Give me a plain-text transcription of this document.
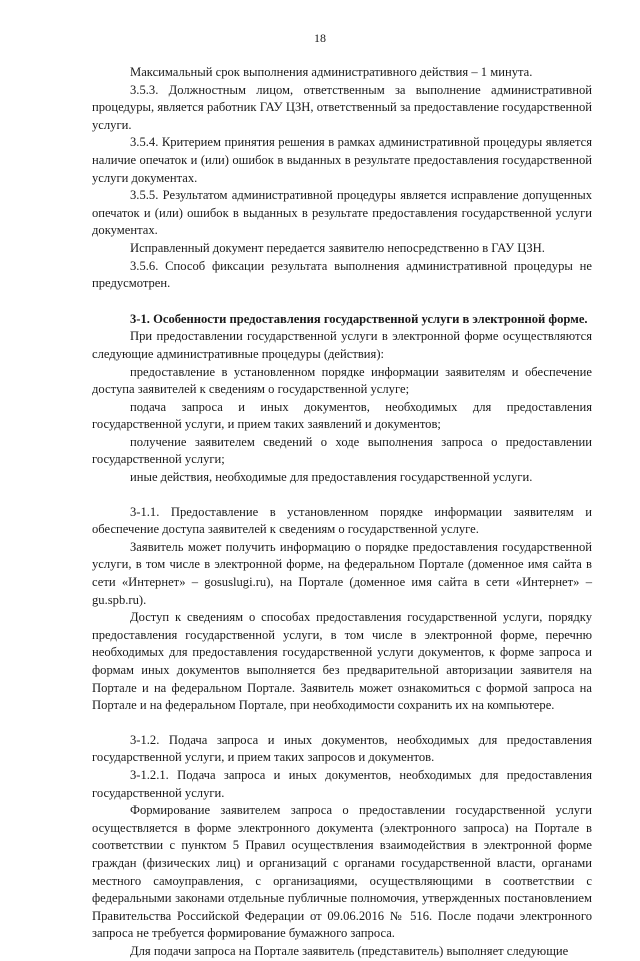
18

Максимальный срок выполнения административного действия – 1 минута.

3.5.3. Должностным лицом, ответственным за выполнение административной процедуры, является работник ГАУ ЦЗН, ответственный за предоставление государственной услуги.

3.5.4. Критерием принятия решения в рамках административной процедуры является наличие опечаток и (или) ошибок в выданных в результате предоставления государственной услуги документах.

3.5.5. Результатом административной процедуры является исправление допущенных опечаток и (или) ошибок в выданных в результате предоставления государственной услуги документах.

Исправленный документ передается заявителю непосредственно в ГАУ ЦЗН.

3.5.6. Способ фиксации результата выполнения административной процедуры не предусмотрен.

3-1. Особенности предоставления государственной услуги в электронной форме.

При предоставлении государственной услуги в электронной форме осуществляются следующие административные процедуры (действия):

предоставление в установленном порядке информации заявителям и обеспечение доступа заявителей к сведениям о государственной услуге;

подача запроса и иных документов, необходимых для предоставления государственной услуги, и прием таких заявлений и документов;

получение заявителем сведений о ходе выполнения запроса о предоставлении государственной услуги;

иные действия, необходимые для предоставления государственной услуги.

3-1.1. Предоставление в установленном порядке информации заявителям и обеспечение доступа заявителей к сведениям о государственной услуге.

Заявитель может получить информацию о порядке предоставления государственной услуги, в том числе в электронной форме, на федеральном Портале (доменное имя сайта в сети «Интернет» – gosuslugi.ru), на Портале (доменное имя сайта в сети «Интернет» – gu.spb.ru).

Доступ к сведениям о способах предоставления государственной услуги, порядку предоставления государственной услуги, в том числе в электронной форме, перечню необходимых для предоставления государственной услуги документов, к форме запроса и формам иных документов выполняется без предварительной авторизации заявителя на Портале и на федеральном Портале. Заявитель может ознакомиться с формой запроса на Портале и на федеральном Портале, при необходимости сохранить их на компьютере.

3-1.2. Подача запроса и иных документов, необходимых для предоставления государственной услуги, и прием таких запросов и документов.

3-1.2.1. Подача запроса и иных документов, необходимых для предоставления государственной услуги.

Формирование заявителем запроса о предоставлении государственной услуги осуществляется в форме электронного документа (электронного запроса) на Портале в соответствии с пунктом 5 Правил осуществления взаимодействия в электронной форме граждан (физических лиц) и организаций с органами государственной власти, органами местного самоуправления, с организациями, осуществляющими в соответствии с федеральными законами отдельные публичные полномочия, утвержденных постановлением Правительства Российской Федерации от 09.06.2016 № 516. После подачи электронного запроса не требуется формирование бумажного запроса.

Для подачи запроса на Портале заявитель (представитель) выполняет следующие
